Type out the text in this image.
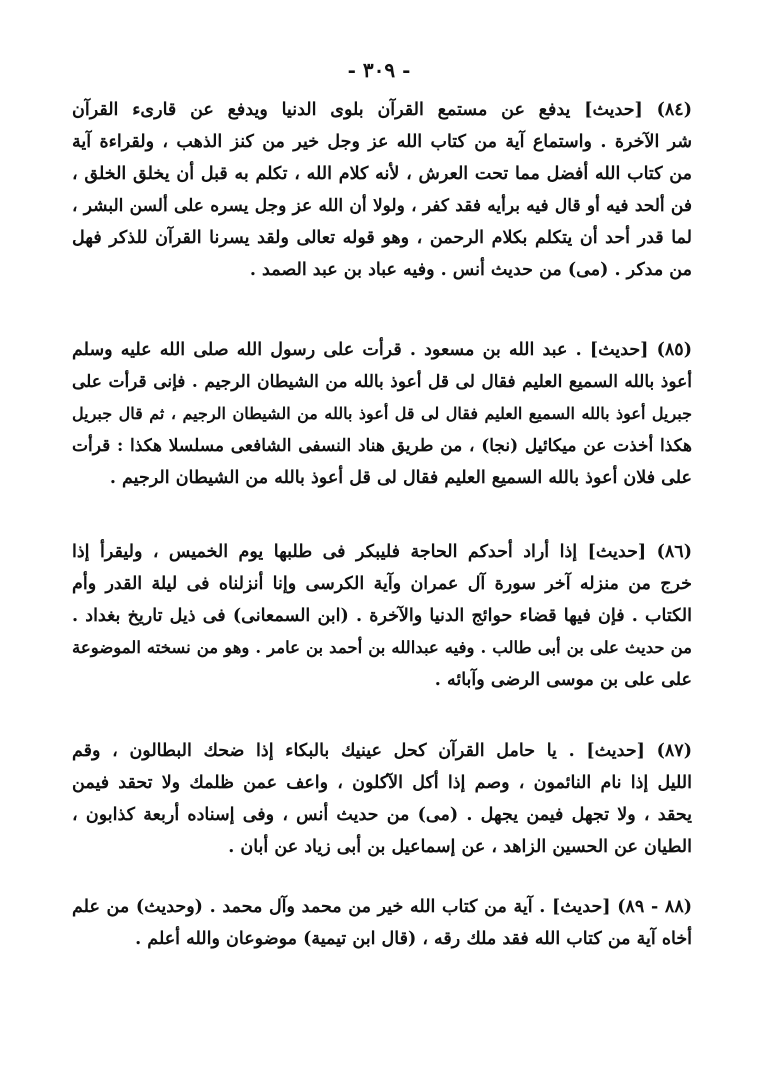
- ٣٠٩ -
(٨٤) [حديث] يدفع عن مستمع القرآن بلوى الدنيا ويدفع عن قارىء القرآن
شر الآخرة . واستماع آية من كتاب الله عز وجل خير من كنز الذهب ، ولقراءة آية
من كتاب الله أفضل مما تحت العرش ، لأنه كلام الله ، تكلم به قبل أن يخلق الخلق ،
فن ألحد فيه أو قال فيه برأيه فقد كفر ، ولولا أن الله عز وجل يسره على ألسن البشر ،
لما قدر أحد أن يتكلم بكلام الرحمن ، وهو قوله تعالى ولقد يسرنا القرآن للذكر فهل
من مدكر . (مى) من حديث أنس . وفيه عباد بن عبد الصمد .
(٨٥) [حديث] . عبد الله بن مسعود . قرأت على رسول الله صلى الله عليه وسلم
أعوذ بالله السميع العليم فقال لى قل أعوذ بالله من الشيطان الرجيم . فإنى قرأت على
جبريل أعوذ بالله السميع العليم فقال لى قل أعوذ بالله من الشيطان الرجيم ، ثم قال جبريل
هكذا أخذت عن ميكائيل (نجا) ، من طريق هناد النسفى الشافعى مسلسلا هكذا : قرأت
على فلان أعوذ بالله السميع العليم فقال لى قل أعوذ بالله من الشيطان الرجيم .
(٨٦) [حديث] إذا أراد أحدكم الحاجة فليبكر فى طلبها يوم الخميس ، وليقرأ إذا
خرج من منزله آخر سورة آل عمران وآية الكرسى وإنا أنزلناه فى ليلة القدر وأم
الكتاب . فإن فيها قضاء حوائج الدنيا والآخرة . (ابن السمعانى) فى ذيل تاريخ بغداد .
من حديث على بن أبى طالب . وفيه عبدالله بن أحمد بن عامر . وهو من نسخته الموضوعة
على على بن موسى الرضى وآبائه .
(٨٧) [حديث] . يا حامل القرآن كحل عينيك بالبكاء إذا ضحك البطالون ، وقم
الليل إذا نام النائمون ، وصم إذا أكل الآكلون ، واعف عمن ظلمك ولا تحقد فيمن
يحقد ، ولا تجهل فيمن يجهل . (مى) من حديث أنس ، وفى إسناده أربعة كذابون ،
الطيان عن الحسين الزاهد ، عن إسماعيل بن أبى زياد عن أبان .
(٨٨ - ٨٩) [حديث] . آية من كتاب الله خير من محمد وآل محمد . (وحديث) من علم
أخاه آية من كتاب الله فقد ملك رقه ، (قال ابن تيمية) موضوعان والله أعلم .
